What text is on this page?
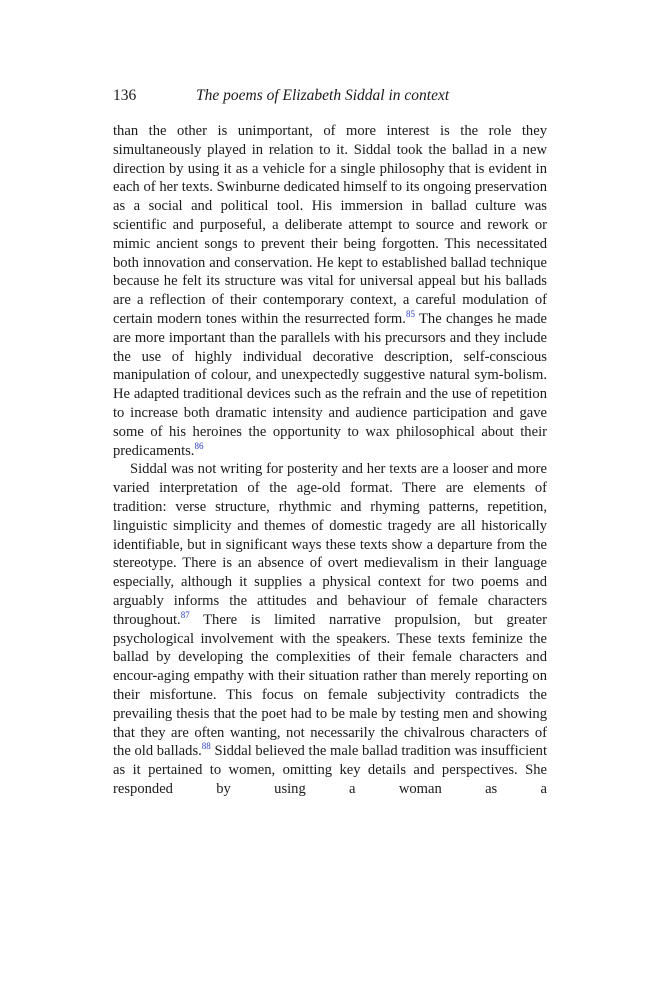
136	The poems of Elizabeth Siddal in context

than the other is unimportant, of more interest is the role they simultaneously played in relation to it. Siddal took the ballad in a new direction by using it as a vehicle for a single philosophy that is evident in each of her texts. Swinburne dedicated himself to its ongoing preservation as a social and political tool. His immersion in ballad culture was scientific and purposeful, a deliberate attempt to source and rework or mimic ancient songs to prevent their being forgotten. This necessitated both innovation and conservation. He kept to established ballad technique because he felt its structure was vital for universal appeal but his ballads are a reflection of their contemporary context, a careful modulation of certain modern tones within the resurrected form.$^{85}$ The changes he made are more important than the parallels with his precursors and they include the use of highly individual decorative description, self-conscious manipulation of colour, and unexpectedly suggestive natural sym-bolism. He adapted traditional devices such as the refrain and the use of repetition to increase both dramatic intensity and audience participation and gave some of his heroines the opportunity to wax philosophical about their predicaments.$^{86}$

Siddal was not writing for posterity and her texts are a looser and more varied interpretation of the age-old format. There are elements of tradition: verse structure, rhythmic and rhyming patterns, repetition, linguistic simplicity and themes of domestic tragedy are all historically identifiable, but in significant ways these texts show a departure from the stereotype. There is an absence of overt medievalism in their language especially, although it supplies a physical context for two poems and arguably informs the attitudes and behaviour of female characters throughout.$^{87}$ There is limited narrative propulsion, but greater psychological involvement with the speakers. These texts feminize the ballad by developing the complexities of their female characters and encour-aging empathy with their situation rather than merely reporting on their misfortune. This focus on female subjectivity contradicts the prevailing thesis that the poet had to be male by testing men and showing that they are often wanting, not necessarily the chivalrous characters of the old ballads.$^{88}$ Siddal believed the male ballad tradition was insufficient as it pertained to women, omitting key details and perspectives. She responded by using a woman as a
